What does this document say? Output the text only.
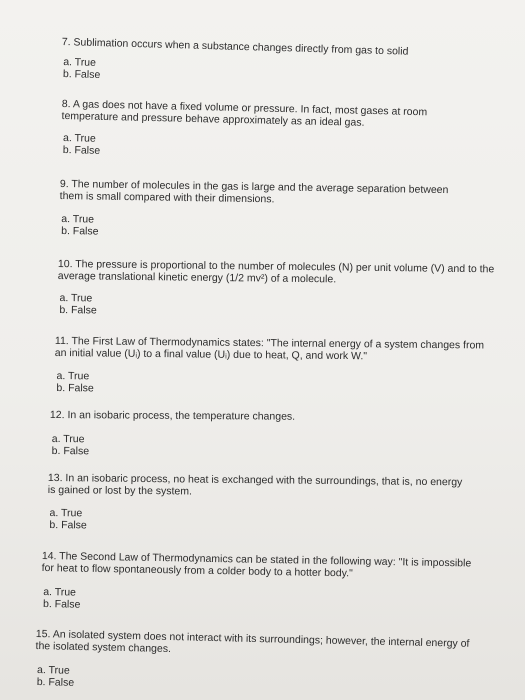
7. Sublimation occurs when a substance changes directly from gas to solid

a. True

b. False

8. A gas does not have a fixed volume or pressure. In fact, most gases at room temperature and pressure behave approximately as an ideal gas.

a. True

b. False

9. The number of molecules in the gas is large and the average separation between them is small compared with their dimensions.

a. True

b. False

10. The pressure is proportional to the number of molecules (N) per unit volume (V) and to the average translational kinetic energy (1/2 mv²) of a molecule.

a. True

b. False

11. The First Law of Thermodynamics states: "The internal energy of a system changes from an initial value (Uᵢ) to a final value (Uᵢ) due to heat, Q, and work W."

a. True

b. False

12. In an isobaric process, the temperature changes.

a. True

b. False

13. In an isobaric process, no heat is exchanged with the surroundings, that is, no energy is gained or lost by the system.

a. True

b. False

14. The Second Law of Thermodynamics can be stated in the following way: "It is impossible for heat to flow spontaneously from a colder body to a hotter body."

a. True

b. False

15. An isolated system does not interact with its surroundings; however, the internal energy of the isolated system changes.

a. True

b. False
